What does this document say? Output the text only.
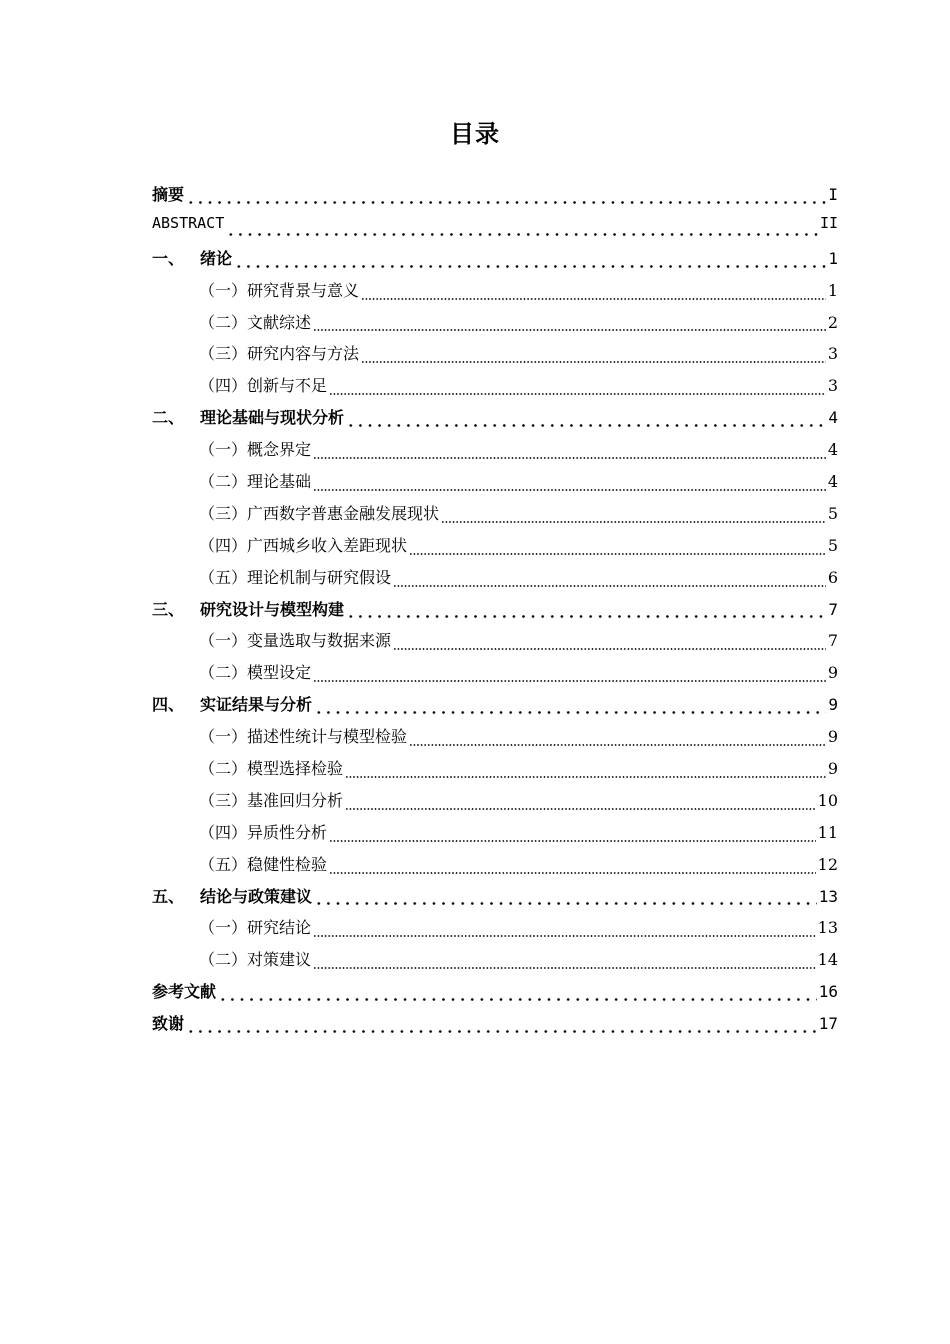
目录
摘要	I
ABSTRACT	II
一、 绪论	1
（一）研究背景与意义	1
（二）文献综述	2
（三）研究内容与方法	3
（四）创新与不足	3
二、 理论基础与现状分析	4
（一）概念界定	4
（二）理论基础	4
（三）广西数字普惠金融发展现状	5
（四）广西城乡收入差距现状	5
（五）理论机制与研究假设	6
三、 研究设计与模型构建	7
（一）变量选取与数据来源	7
（二）模型设定	9
四、 实证结果与分析	9
（一）描述性统计与模型检验	9
（二）模型选择检验	9
（三）基准回归分析	10
（四）异质性分析	11
（五）稳健性检验	12
五、 结论与政策建议	13
（一）研究结论	13
（二）对策建议	14
参考文献	16
致谢	17
